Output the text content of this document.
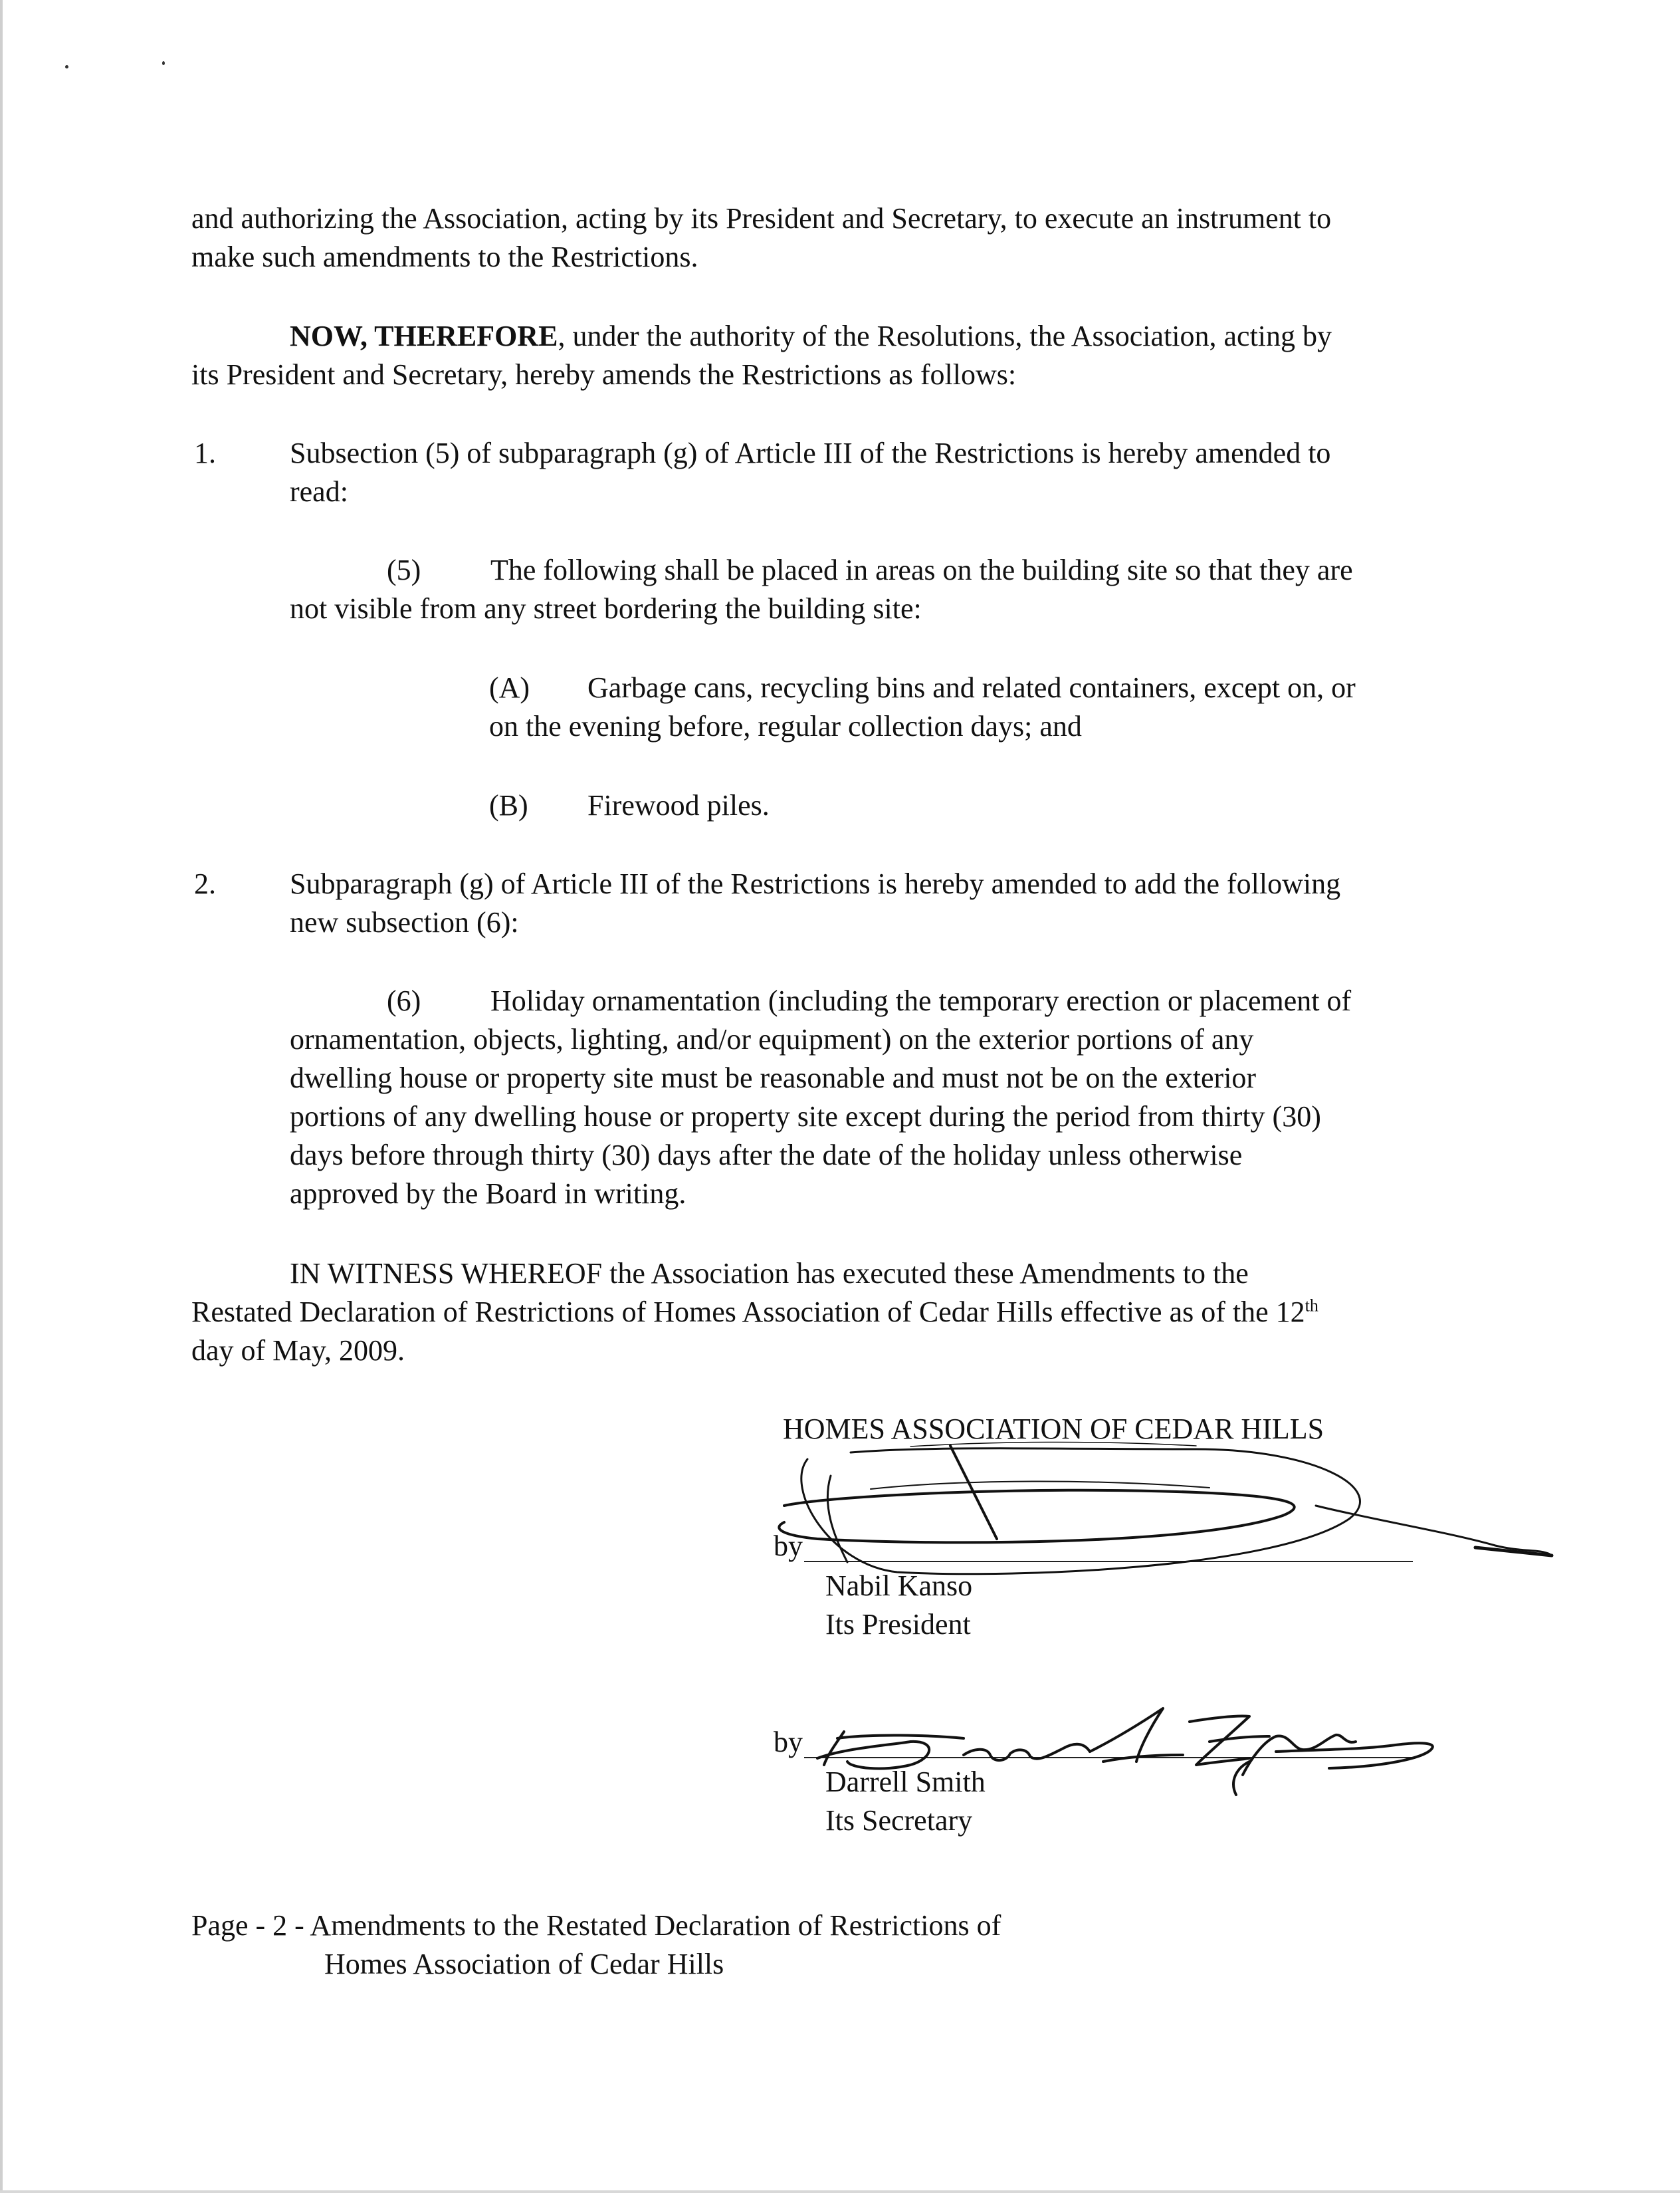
and authorizing the Association, acting by its President and Secretary, to execute an instrument to
make such amendments to the Restrictions.
NOW, THEREFORE, under the authority of the Resolutions, the Association, acting by
its President and Secretary, hereby amends the Restrictions as follows:
1.	Subsection (5) of subparagraph (g) of Article III of the Restrictions is hereby amended to
read:
(5) The following shall be placed in areas on the building site so that they are
not visible from any street bordering the building site:
(A) Garbage cans, recycling bins and related containers, except on, or
on the evening before, regular collection days; and
(B) Firewood piles.
2.	Subparagraph (g) of Article III of the Restrictions is hereby amended to add the following
new subsection (6):
(6) Holiday ornamentation (including the temporary erection or placement of
ornamentation, objects, lighting, and/or equipment) on the exterior portions of any
dwelling house or property site must be reasonable and must not be on the exterior
portions of any dwelling house or property site except during the period from thirty (30)
days before through thirty (30) days after the date of the holiday unless otherwise
approved by the Board in writing.
IN WITNESS WHEREOF the Association has executed these Amendments to the
Restated Declaration of Restrictions of Homes Association of Cedar Hills effective as of the 12th
day of May, 2009.
HOMES ASSOCIATION OF CEDAR HILLS
by
Nabil Kanso
Its President
by
Darrell Smith
Its Secretary
Page - 2 - Amendments to the Restated Declaration of Restrictions of
Homes Association of Cedar Hills
